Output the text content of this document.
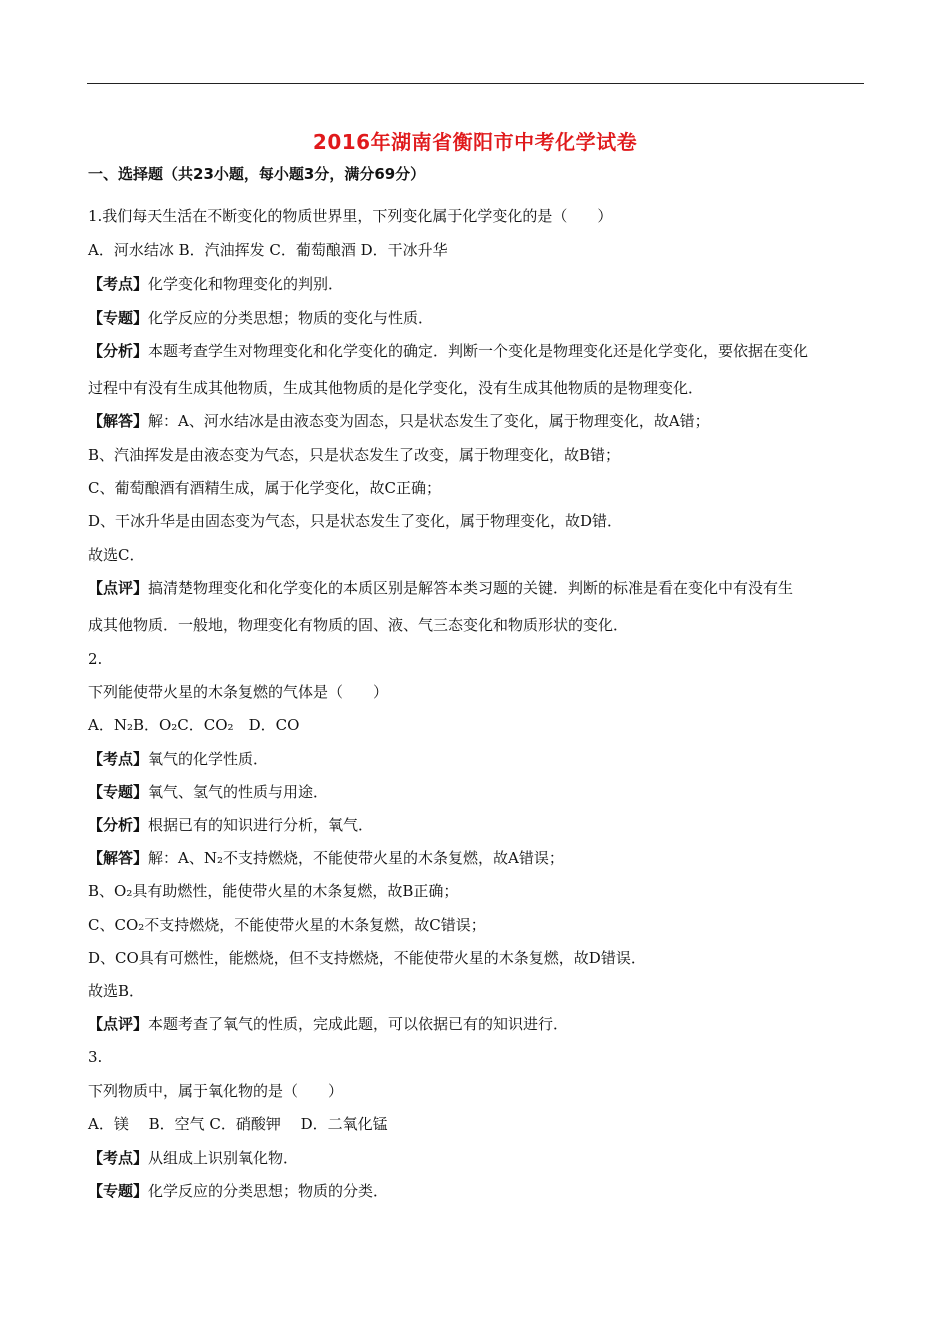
2016年湖南省衡阳市中考化学试卷
一、选择题（共23小题，每小题3分，满分69分）
1.我们每天生活在不断变化的物质世界里，下列变化属于化学变化的是（　　）
A．河水结冰 B．汽油挥发 C．葡萄酿酒 D．干冰升华
【考点】化学变化和物理变化的判别．
【专题】化学反应的分类思想；物质的变化与性质．
【分析】本题考查学生对物理变化和化学变化的确定．判断一个变化是物理变化还是化学变化，要依据在变化
过程中有没有生成其他物质，生成其他物质的是化学变化，没有生成其他物质的是物理变化．
【解答】解：A、河水结冰是由液态变为固态，只是状态发生了变化，属于物理变化，故A错；
B、汽油挥发是由液态变为气态，只是状态发生了改变，属于物理变化，故B错；
C、葡萄酿酒有酒精生成，属于化学变化，故C正确；
D、干冰升华是由固态变为气态，只是状态发生了变化，属于物理变化，故D错．
故选C．
【点评】搞清楚物理变化和化学变化的本质区别是解答本类习题的关键．判断的标准是看在变化中有没有生
成其他物质．一般地，物理变化有物质的固、液、气三态变化和物质形状的变化．
2.
下列能使带火星的木条复燃的气体是（　　）
A．N₂B．O₂C．CO₂　D．CO
【考点】氧气的化学性质．
【专题】氧气、氢气的性质与用途．
【分析】根据已有的知识进行分析，氧气．
【解答】解：A、N₂不支持燃烧，不能使带火星的木条复燃，故A错误；
B、O₂具有助燃性，能使带火星的木条复燃，故B正确；
C、CO₂不支持燃烧，不能使带火星的木条复燃，故C错误；
D、CO具有可燃性，能燃烧，但不支持燃烧，不能使带火星的木条复燃，故D错误．
故选B．
【点评】本题考查了氧气的性质，完成此题，可以依据已有的知识进行．
3.
下列物质中，属于氧化物的是（　　）
A．镁　 B．空气 C．硝酸钾　 D．二氧化锰
【考点】从组成上识别氧化物．
【专题】化学反应的分类思想；物质的分类．
